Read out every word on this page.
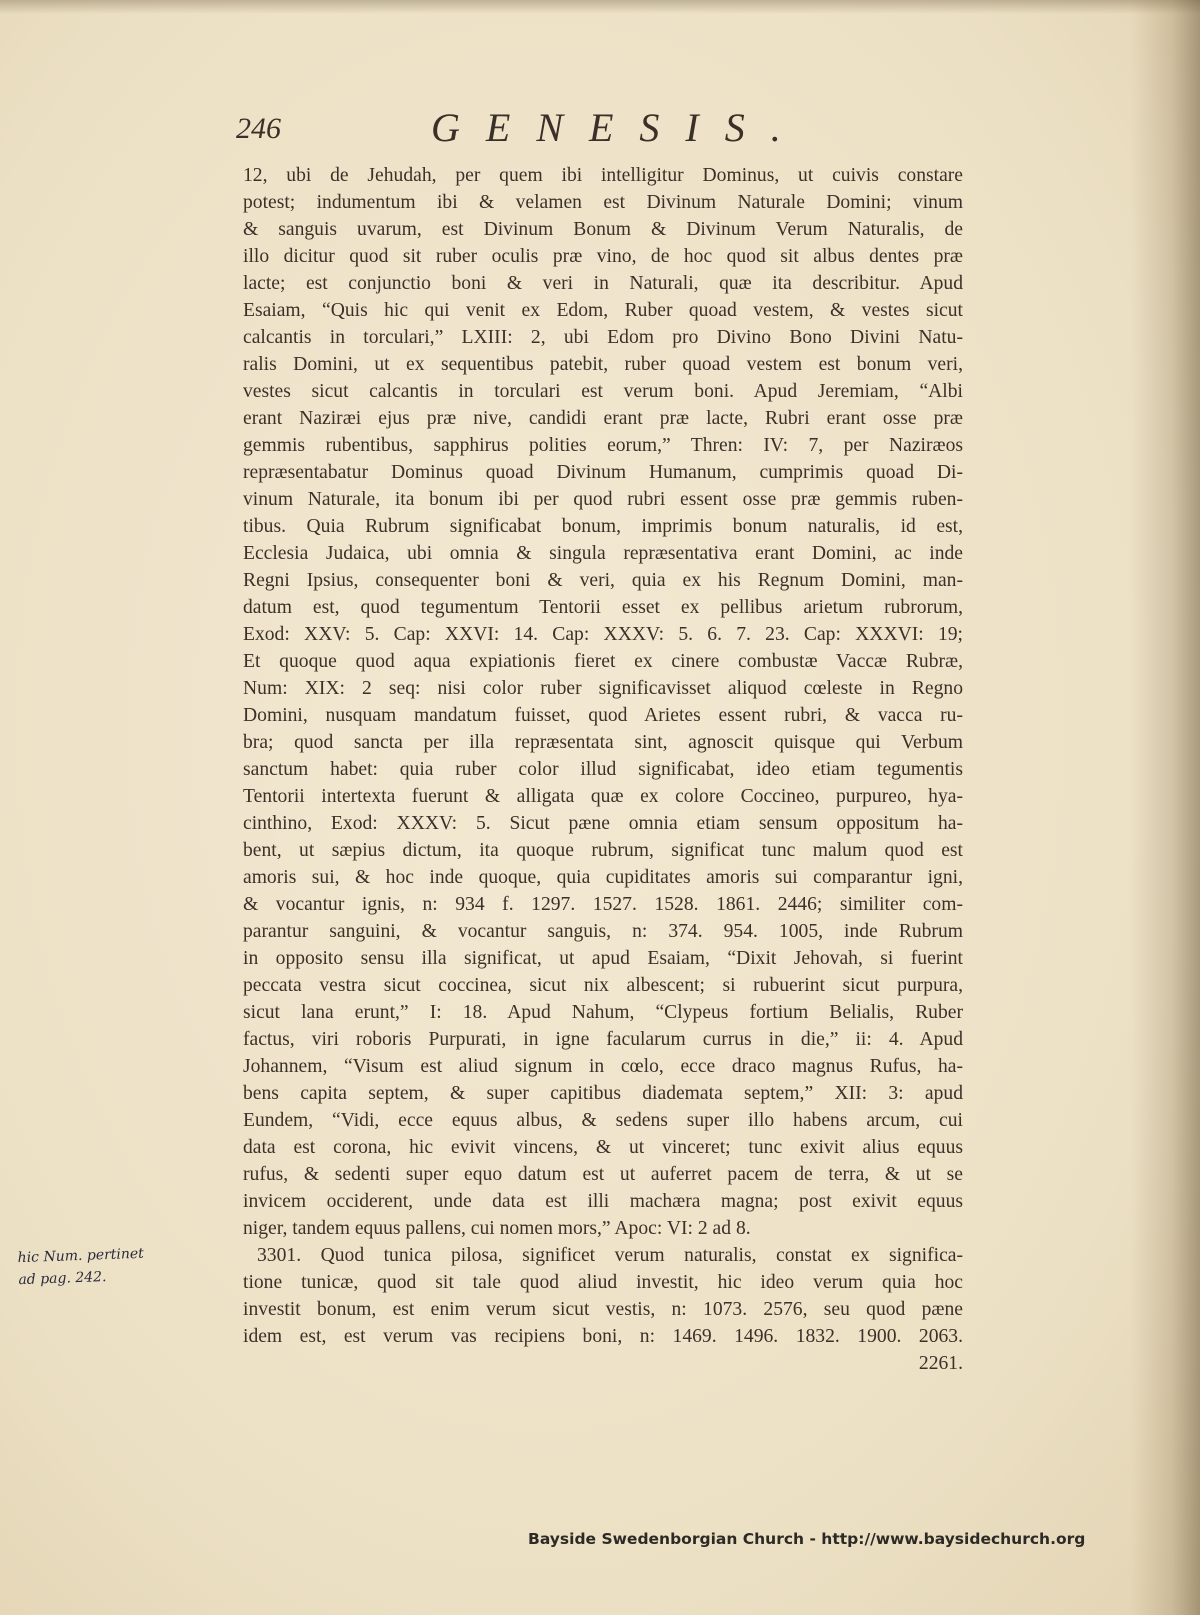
246	GENESIS.
12, ubi de Jehudah, per quem ibi intelligitur Dominus, ut cuivis constare
potest; indumentum ibi & velamen est Divinum Naturale Domini; vinum
& sanguis uvarum, est Divinum Bonum & Divinum Verum Naturalis, de
illo dicitur quod sit ruber oculis præ vino, de hoc quod sit albus dentes præ
lacte; est conjunctio boni & veri in Naturali, quæ ita describitur. Apud
Esaiam, “Quis hic qui venit ex Edom, Ruber quoad vestem, & vestes sicut
calcantis in torculari,” LXIII: 2, ubi Edom pro Divino Bono Divini Natu-
ralis Domini, ut ex sequentibus patebit, ruber quoad vestem est bonum veri,
vestes sicut calcantis in torculari est verum boni. Apud Jeremiam, “Albi
erant Naziræi ejus præ nive, candidi erant præ lacte, Rubri erant osse præ
gemmis rubentibus, sapphirus polities eorum,” Thren: IV: 7, per Naziræos
repræsentabatur Dominus quoad Divinum Humanum, cumprimis quoad Di-
vinum Naturale, ita bonum ibi per quod rubri essent osse præ gemmis ruben-
tibus. Quia Rubrum significabat bonum, imprimis bonum naturalis, id est,
Ecclesia Judaica, ubi omnia & singula repræsentativa erant Domini, ac inde
Regni Ipsius, consequenter boni & veri, quia ex his Regnum Domini, man-
datum est, quod tegumentum Tentorii esset ex pellibus arietum rubrorum,
Exod: XXV: 5. Cap: XXVI: 14. Cap: XXXV: 5. 6. 7. 23. Cap: XXXVI: 19;
Et quoque quod aqua expiationis fieret ex cinere combustæ Vaccæ Rubræ,
Num: XIX: 2 seq: nisi color ruber significavisset aliquod cœleste in Regno
Domini, nusquam mandatum fuisset, quod Arietes essent rubri, & vacca ru-
bra; quod sancta per illa repræsentata sint, agnoscit quisque qui Verbum
sanctum habet: quia ruber color illud significabat, ideo etiam tegumentis
Tentorii intertexta fuerunt & alligata quæ ex colore Coccineo, purpureo, hya-
cinthino, Exod: XXXV: 5. Sicut pæne omnia etiam sensum oppositum ha-
bent, ut sæpius dictum, ita quoque rubrum, significat tunc malum quod est
amoris sui, & hoc inde quoque, quia cupiditates amoris sui comparantur igni,
& vocantur ignis, n: 934 f. 1297. 1527. 1528. 1861. 2446; similiter com-
parantur sanguini, & vocantur sanguis, n: 374. 954. 1005, inde Rubrum
in opposito sensu illa significat, ut apud Esaiam, “Dixit Jehovah, si fuerint
peccata vestra sicut coccinea, sicut nix albescent; si rubuerint sicut purpura,
sicut lana erunt,” I: 18. Apud Nahum, “Clypeus fortium Belialis, Ruber
factus, viri roboris Purpurati, in igne facularum currus in die,” ii: 4. Apud
Johannem, “Visum est aliud signum in cœlo, ecce draco magnus Rufus, ha-
bens capita septem, & super capitibus diademata septem,” XII: 3: apud
Eundem, “Vidi, ecce equus albus, & sedens super illo habens arcum, cui
data est corona, hic evivit vincens, & ut vinceret; tunc exivit alius equus
rufus, & sedenti super equo datum est ut auferret pacem de terra, & ut se
invicem occiderent, unde data est illi machæra magna; post exivit equus
niger, tandem equus pallens, cui nomen mors,” Apoc: VI: 2 ad 8.
3301. Quod tunica pilosa, significet verum naturalis, constat ex significa-
tione tunicæ, quod sit tale quod aliud investit, hic ideo verum quia hoc
investit bonum, est enim verum sicut vestis, n: 1073. 2576, seu quod pæne
idem est, est verum vas recipiens boni, n: 1469. 1496. 1832. 1900. 2063.
2261.
hic Num. pertinet
ad pag. 242.
Bayside Swedenborgian Church - http://www.baysidechurch.org
